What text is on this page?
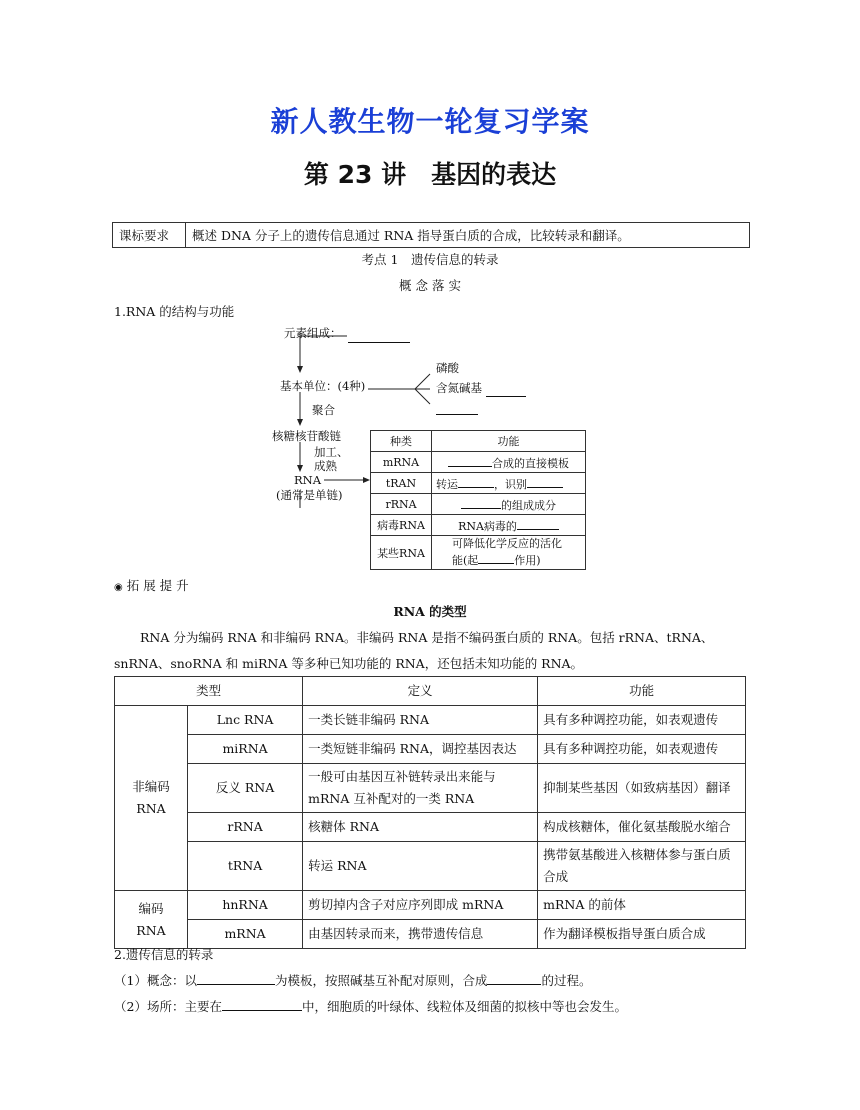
新人教生物一轮复习学案
第 23 讲　基因的表达
课标要求	概述 DNA 分子上的遗传信息通过 RNA 指导蛋白质的合成，比较转录和翻译。
考点 1　遗传信息的转录
概 念 落 实
1.RNA 的结构与功能
元素组成：
基本单位：(4种)
磷酸
含氮碱基
聚合
核糖核苷酸链
加工、
成熟
RNA
(通常是单链)
种类	功能
mRNA	合成的直接模板
tRAN	转运 ，识别
rRNA	的组成成分
病毒RNA	RNA病毒的
某些RNA	可降低化学反应的活化
能(起 作用)
◉ 拓 展 提 升
RNA 的类型
RNA 分为编码 RNA 和非编码 RNA。非编码 RNA 是指不编码蛋白质的 RNA。包括 rRNA、tRNA、
snRNA、snoRNA 和 miRNA 等多种已知功能的 RNA，还包括未知功能的 RNA。
类型		定义	功能
非编码
RNA	Lnc RNA	一类长链非编码 RNA	具有多种调控功能，如表观遗传
	miRNA	一类短链非编码 RNA，调控基因表达	具有多种调控功能，如表观遗传
	反义 RNA	一般可由基因互补链转录出来能与
mRNA 互补配对的一类 RNA	抑制某些基因（如致病基因）翻译
	rRNA	核糖体 RNA	构成核糖体，催化氨基酸脱水缩合
	tRNA	转运 RNA	携带氨基酸进入核糖体参与蛋白质
合成
编码
RNA	hnRNA	剪切掉内含子对应序列即成 mRNA	mRNA 的前体
	mRNA	由基因转录而来，携带遗传信息	作为翻译模板指导蛋白质合成
2.遗传信息的转录
（1）概念：以	为模板，按照碱基互补配对原则，合成	的过程。
（2）场所：主要在	中，细胞质的叶绿体、线粒体及细菌的拟核中等也会发生。
